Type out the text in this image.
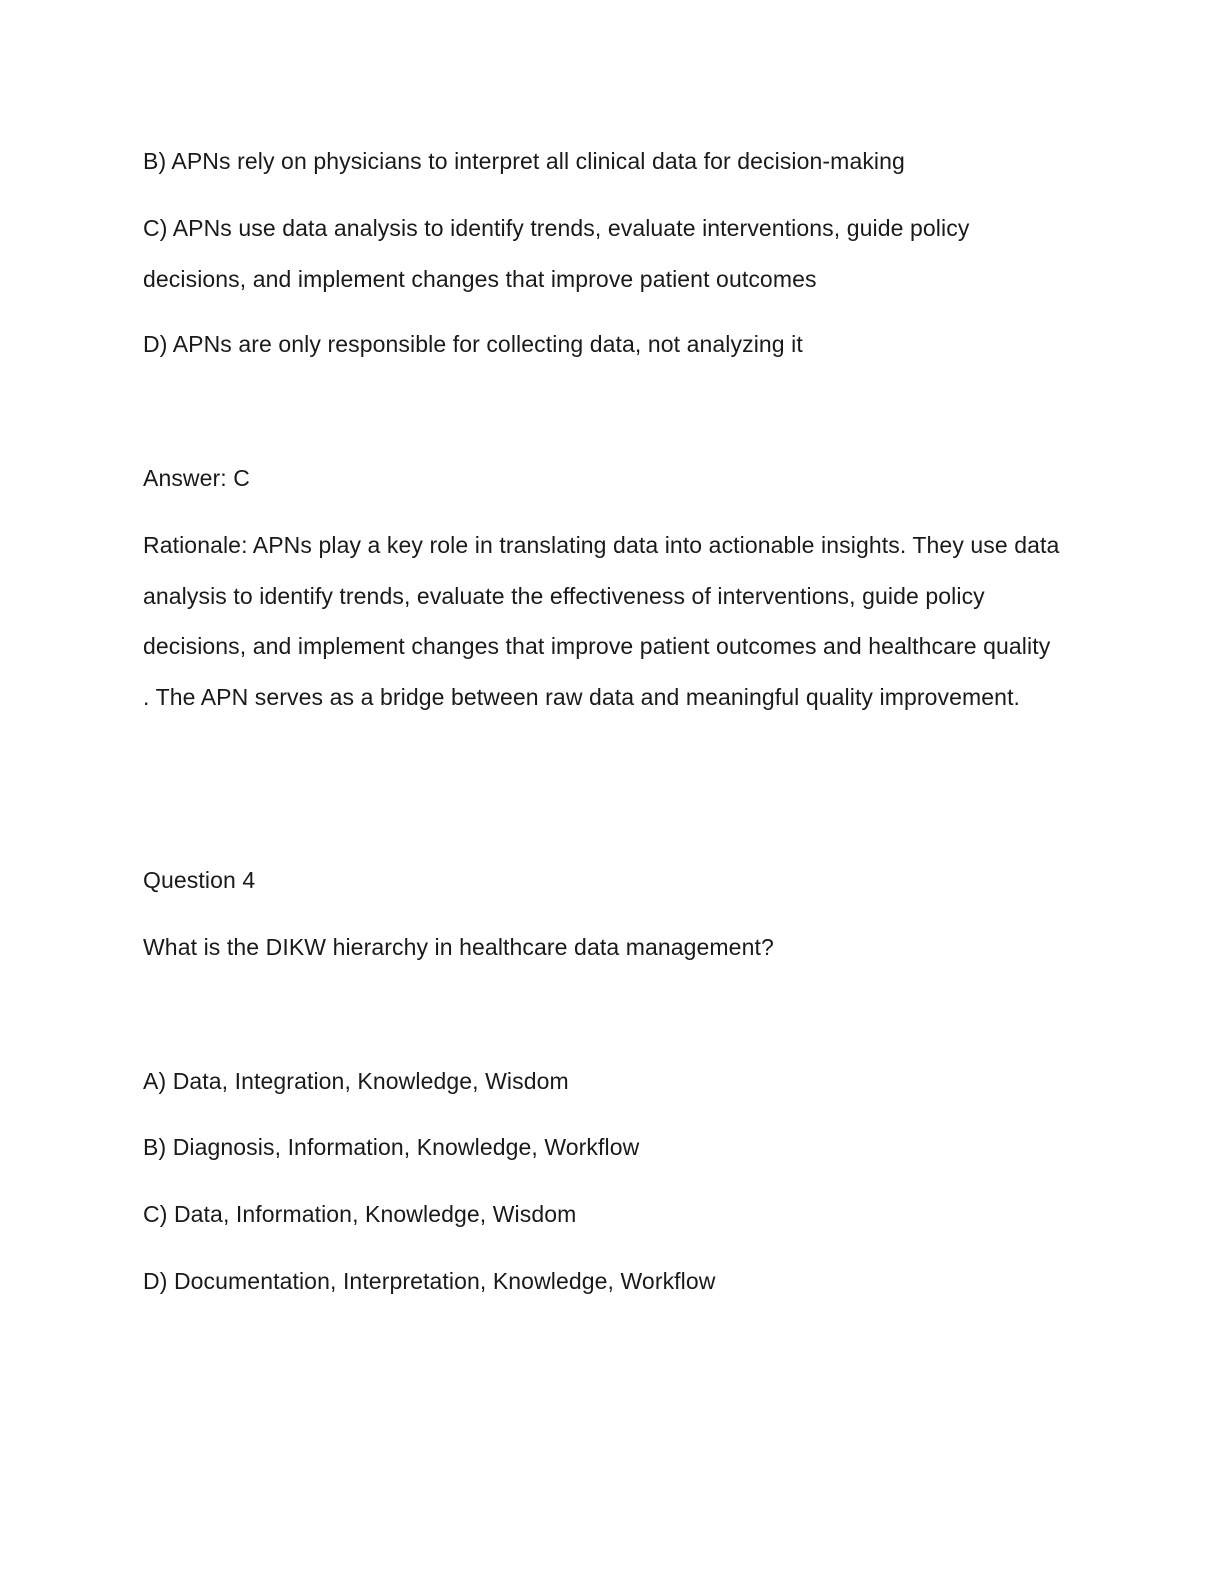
B) APNs rely on physicians to interpret all clinical data for decision-making

C) APNs use data analysis to identify trends, evaluate interventions, guide policy decisions, and implement changes that improve patient outcomes

D) APNs are only responsible for collecting data, not analyzing it

Answer: C

Rationale: APNs play a key role in translating data into actionable insights. They use data analysis to identify trends, evaluate the effectiveness of interventions, guide policy decisions, and implement changes that improve patient outcomes and healthcare quality . The APN serves as a bridge between raw data and meaningful quality improvement.

Question 4

What is the DIKW hierarchy in healthcare data management?

A) Data, Integration, Knowledge, Wisdom

B) Diagnosis, Information, Knowledge, Workflow

C) Data, Information, Knowledge, Wisdom

D) Documentation, Interpretation, Knowledge, Workflow
